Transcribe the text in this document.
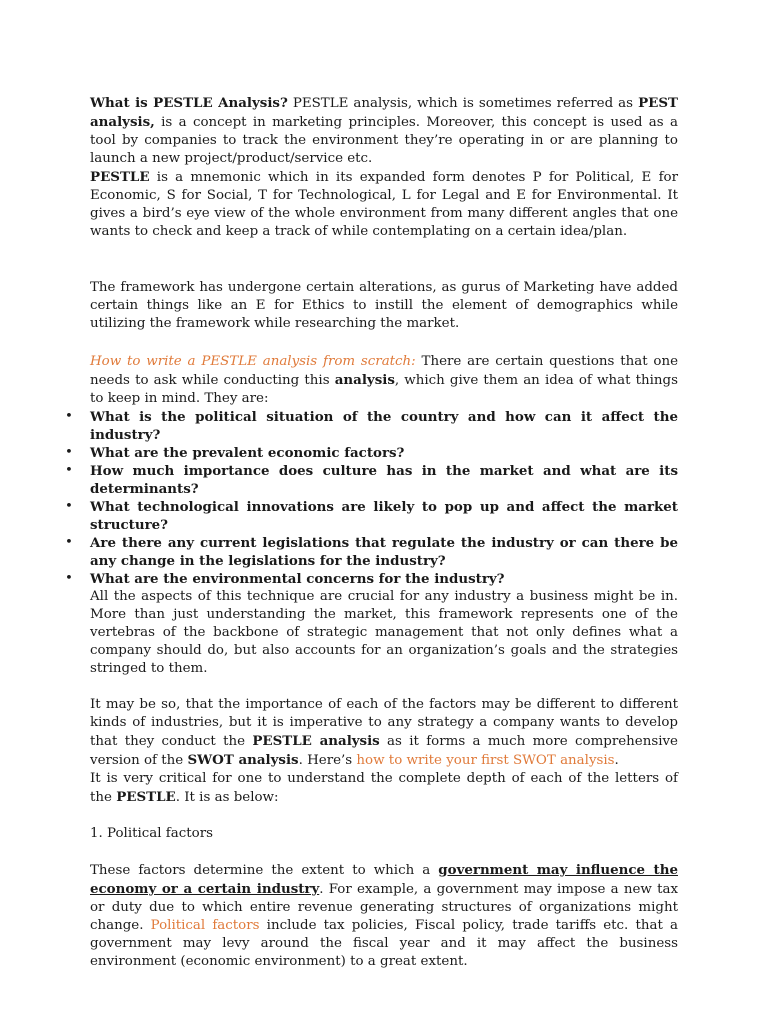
What is PESTLE Analysis? PESTLE analysis, which is sometimes referred as PEST analysis, is a concept in marketing principles. Moreover, this concept is used as a tool by companies to track the environment they’re operating in or are planning to launch a new project/product/service etc.

PESTLE is a mnemonic which in its expanded form denotes P for Political, E for Economic, S for Social, T for Technological, L for Legal and E for Environmental. It gives a bird’s eye view of the whole environment from many different angles that one wants to check and keep a track of while contemplating on a certain idea/plan.

The framework has undergone certain alterations, as gurus of Marketing have added certain things like an E for Ethics to instill the element of demographics while utilizing the framework while researching the market.

How to write a PESTLE analysis from scratch: There are certain questions that one needs to ask while conducting this analysis, which give them an idea of what things to keep in mind. They are:

• What is the political situation of the country and how can it affect the industry?
• What are the prevalent economic factors?
• How much importance does culture has in the market and what are its determinants?
• What technological innovations are likely to pop up and affect the market structure?
• Are there any current legislations that regulate the industry or can there be any change in the legislations for the industry?
• What are the environmental concerns for the industry?

All the aspects of this technique are crucial for any industry a business might be in. More than just understanding the market, this framework represents one of the vertebras of the backbone of strategic management that not only defines what a company should do, but also accounts for an organization’s goals and the strategies stringed to them.

It may be so, that the importance of each of the factors may be different to different kinds of industries, but it is imperative to any strategy a company wants to develop that they conduct the PESTLE analysis as it forms a much more comprehensive version of the SWOT analysis. Here’s how to write your first SWOT analysis.

It is very critical for one to understand the complete depth of each of the letters of the PESTLE. It is as below:

1. Political factors

These factors determine the extent to which a government may influence the economy or a certain industry. For example, a government may impose a new tax or duty due to which entire revenue generating structures of organizations might change. Political factors include tax policies, Fiscal policy, trade tariffs etc. that a government may levy around the fiscal year and it may affect the business environment (economic environment) to a great extent.
